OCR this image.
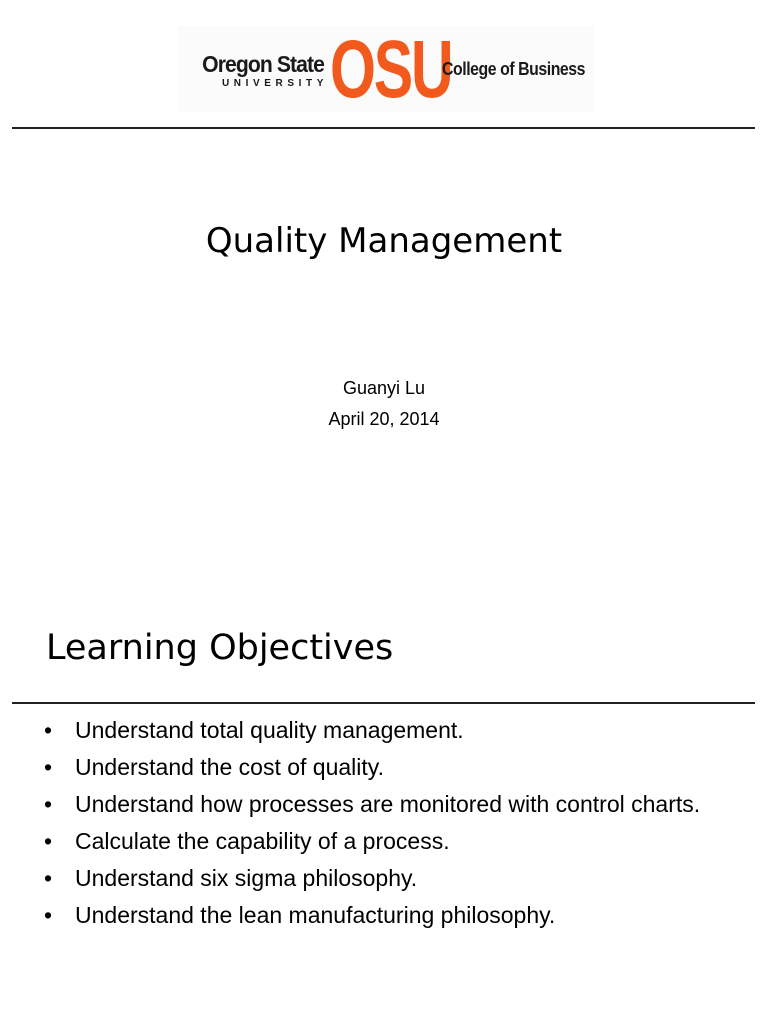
Oregon State
UNIVERSITY OSU
College of Business
Quality Management
Guanyi Lu
April 20, 2014
Learning Objectives
• Understand total quality management.
• Understand the cost of quality.
• Understand how processes are monitored with control charts.
• Calculate the capability of a process.
• Understand six sigma philosophy.
• Understand the lean manufacturing philosophy.
